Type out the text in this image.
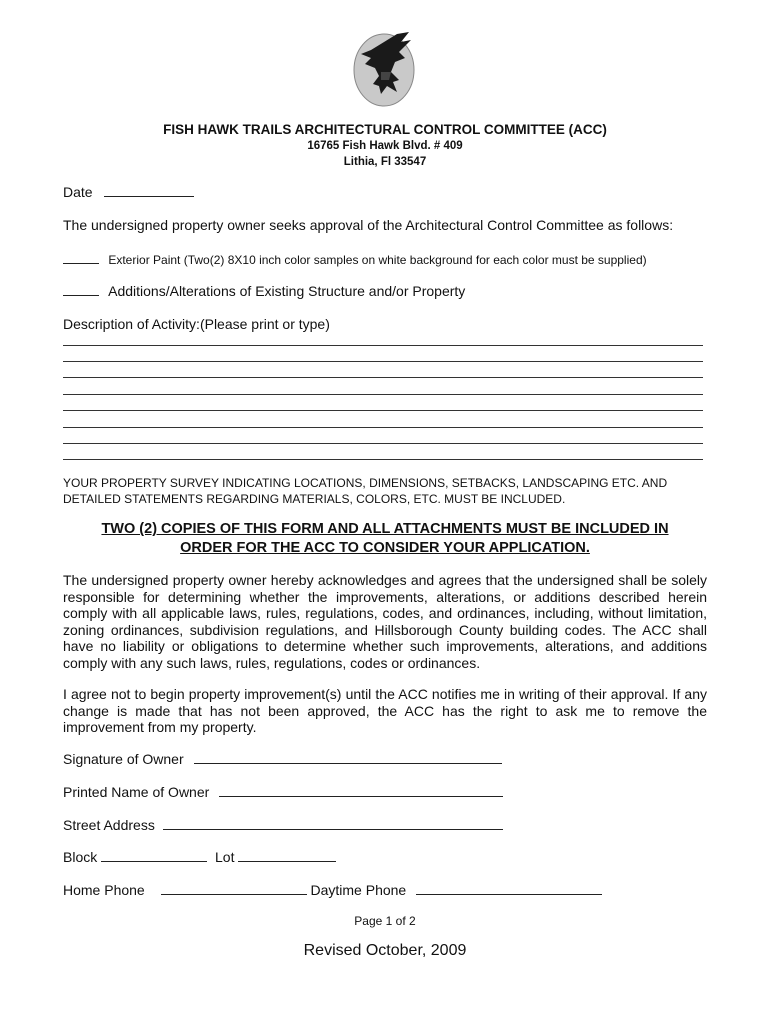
FISH HAWK TRAILS ARCHITECTURAL CONTROL COMMITTEE (ACC)
16765 Fish Hawk Blvd. # 409
Lithia, Fl 33547
Date
The undersigned property owner seeks approval of the Architectural Control Committee as follows:
Exterior Paint (Two(2) 8X10 inch color samples on white background for each color must be supplied)
Additions/Alterations of Existing Structure and/or Property
Description of Activity:(Please print or type)
YOUR PROPERTY SURVEY INDICATING LOCATIONS, DIMENSIONS, SETBACKS, LANDSCAPING ETC. AND
DETAILED STATEMENTS REGARDING MATERIALS, COLORS, ETC. MUST BE INCLUDED.
TWO (2) COPIES OF THIS FORM AND ALL ATTACHMENTS MUST BE INCLUDED IN
ORDER FOR THE ACC TO CONSIDER YOUR APPLICATION.
The undersigned property owner hereby acknowledges and agrees that the undersigned shall be solely responsible for determining whether the improvements, alterations, or additions described herein comply with all applicable laws, rules, regulations, codes, and ordinances, including, without limitation, zoning ordinances, subdivision regulations, and Hillsborough County building codes. The ACC shall have no liability or obligations to determine whether such improvements, alterations, and additions comply with any such laws, rules, regulations, codes or ordinances.
I agree not to begin property improvement(s) until the ACC notifies me in writing of their approval. If any change is made that has not been approved, the ACC has the right to ask me to remove the improvement from my property.
Signature of Owner
Printed Name of Owner
Street Address
Block	Lot
Home Phone	Daytime Phone
Page 1 of 2
Revised October, 2009
